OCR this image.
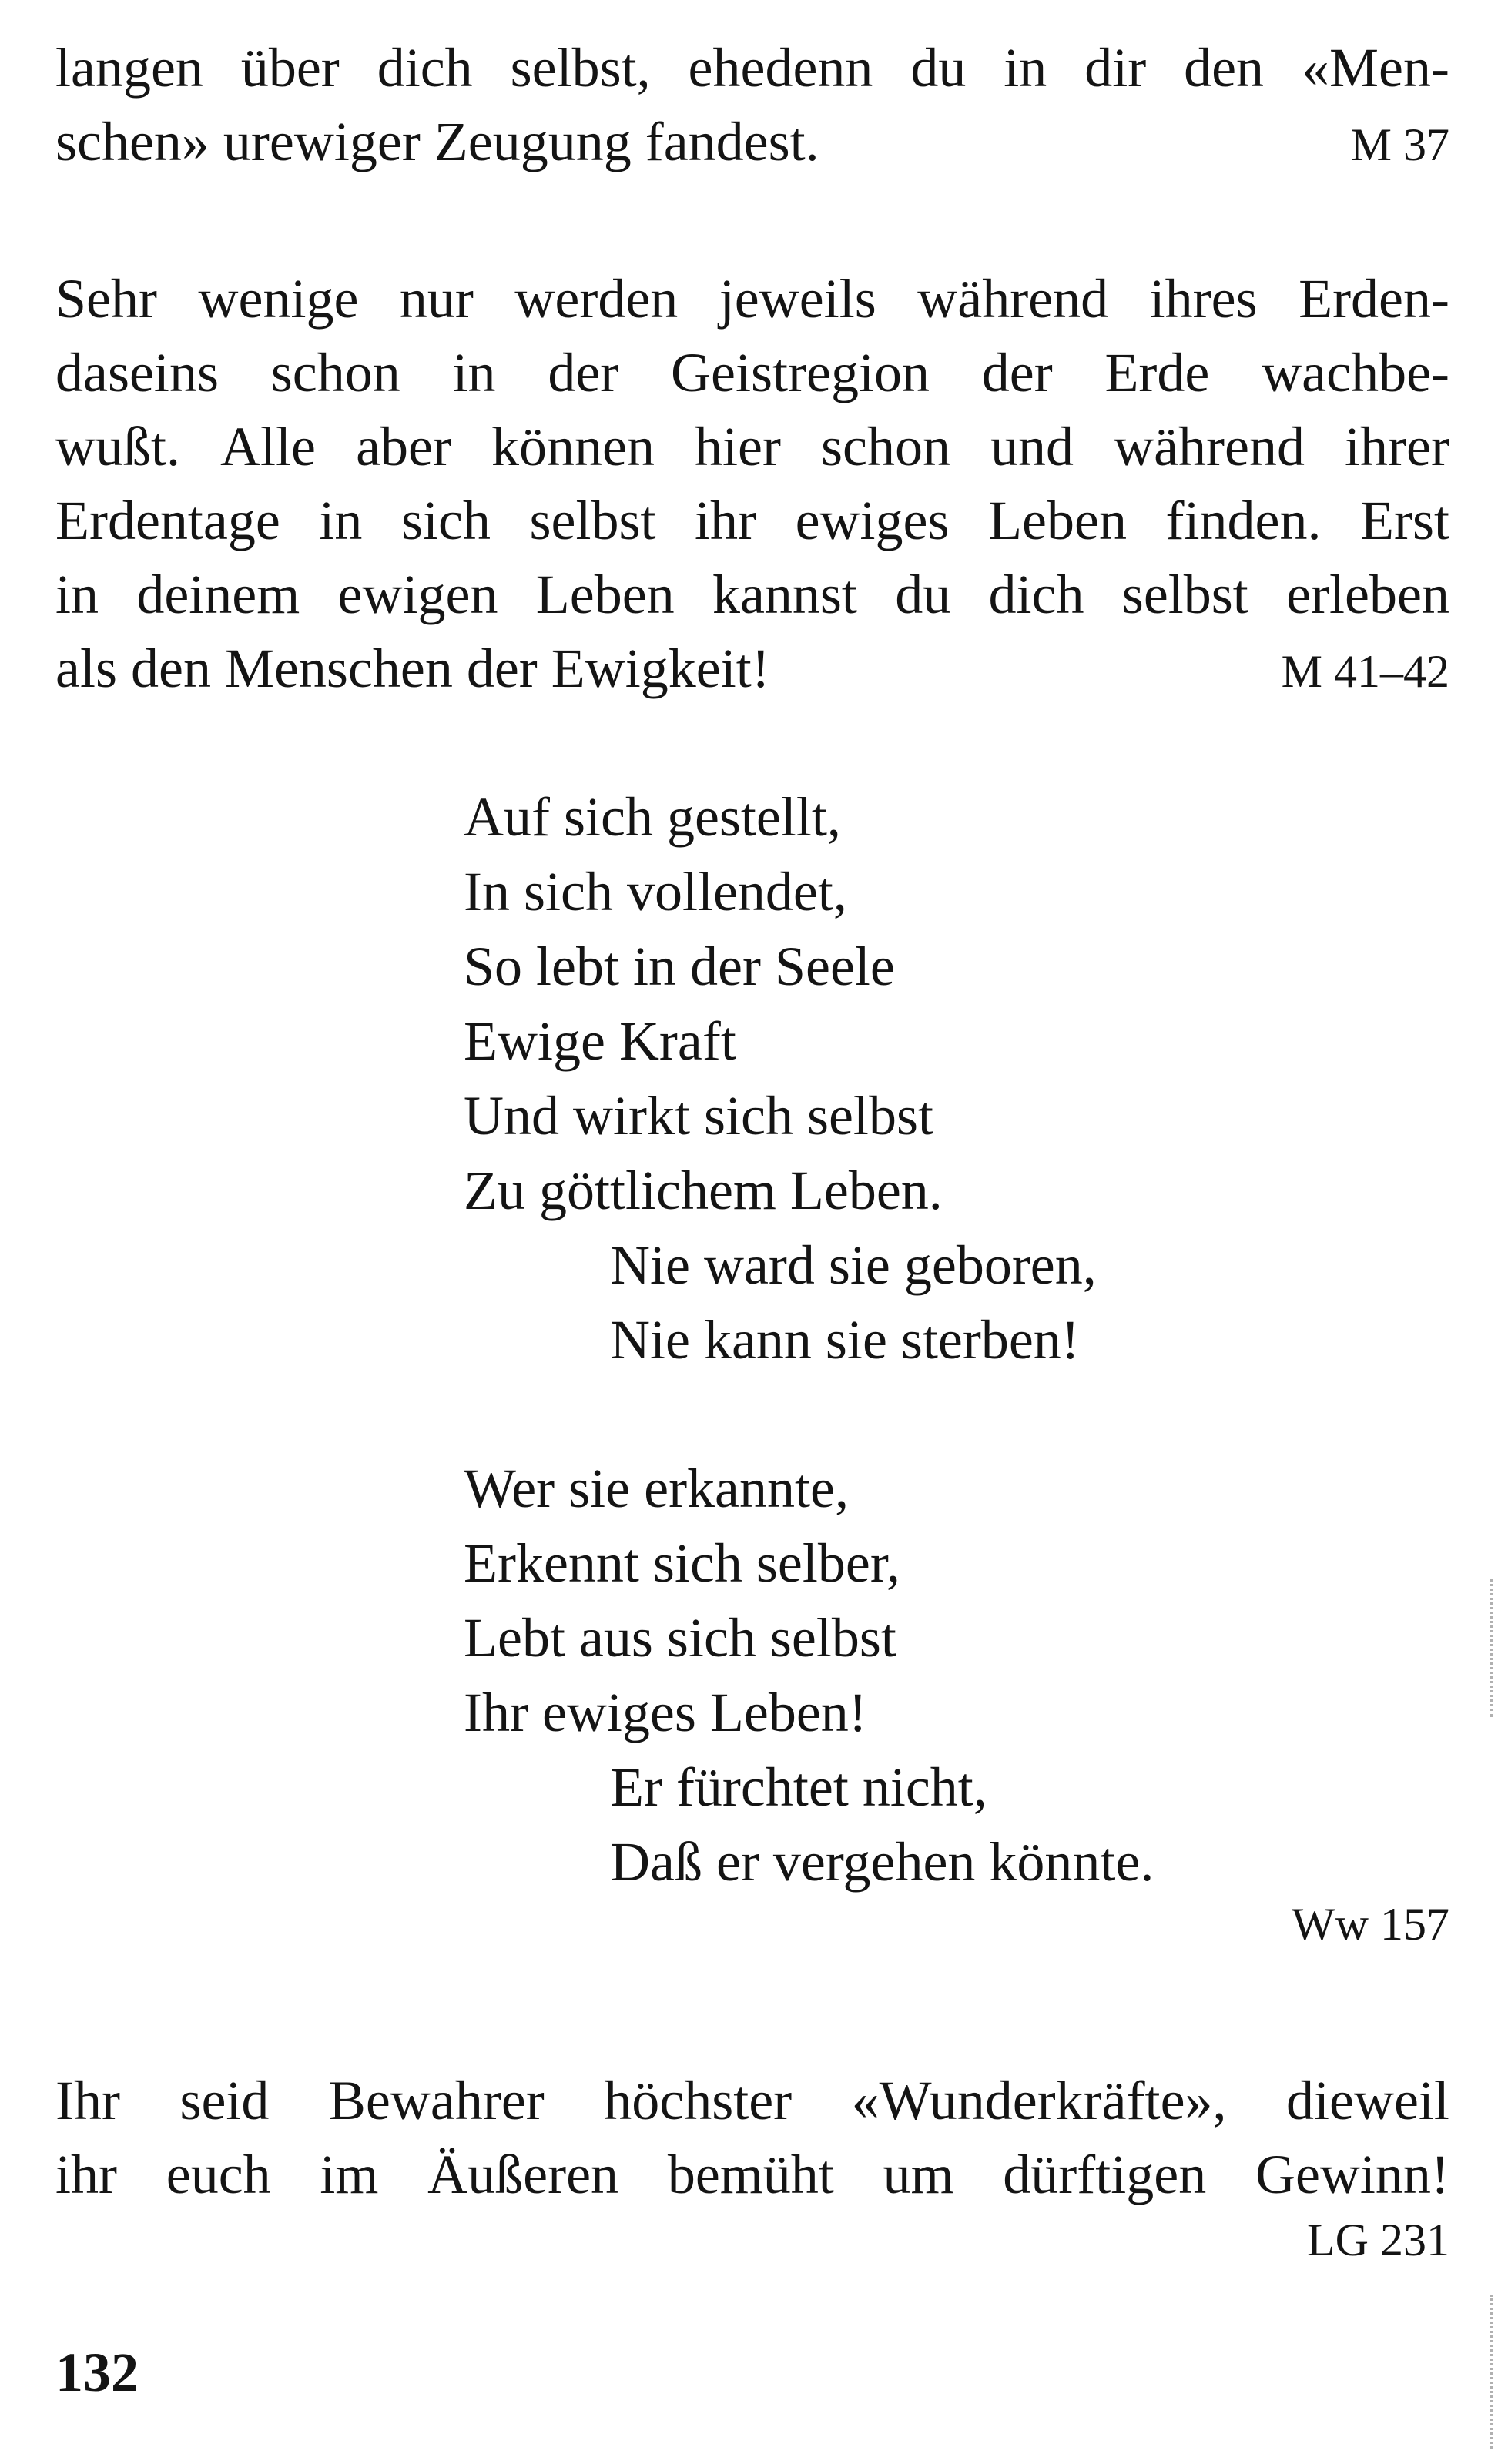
langen über dich selbst, ehedenn du in dir den «Men-
schen» urewiger Zeugung fandest.	M 37
Sehr wenige nur werden jeweils während ihres Erden-
daseins schon in der Geistregion der Erde wachbe-
wußt. Alle aber können hier schon und während ihrer
Erdentage in sich selbst ihr ewiges Leben finden. Erst
in deinem ewigen Leben kannst du dich selbst erleben
als den Menschen der Ewigkeit!	M 41–42
Auf sich gestellt,
In sich vollendet,
So lebt in der Seele
Ewige Kraft
Und wirkt sich selbst
Zu göttlichem Leben.
Nie ward sie geboren,
Nie kann sie sterben!
Wer sie erkannte,
Erkennt sich selber,
Lebt aus sich selbst
Ihr ewiges Leben!
Er fürchtet nicht,
Daß er vergehen könnte.
Ww 157
Ihr seid Bewahrer höchster «Wunderkräfte», dieweil
ihr euch im Äußeren bemüht um dürftigen Gewinn!
LG 231
132
